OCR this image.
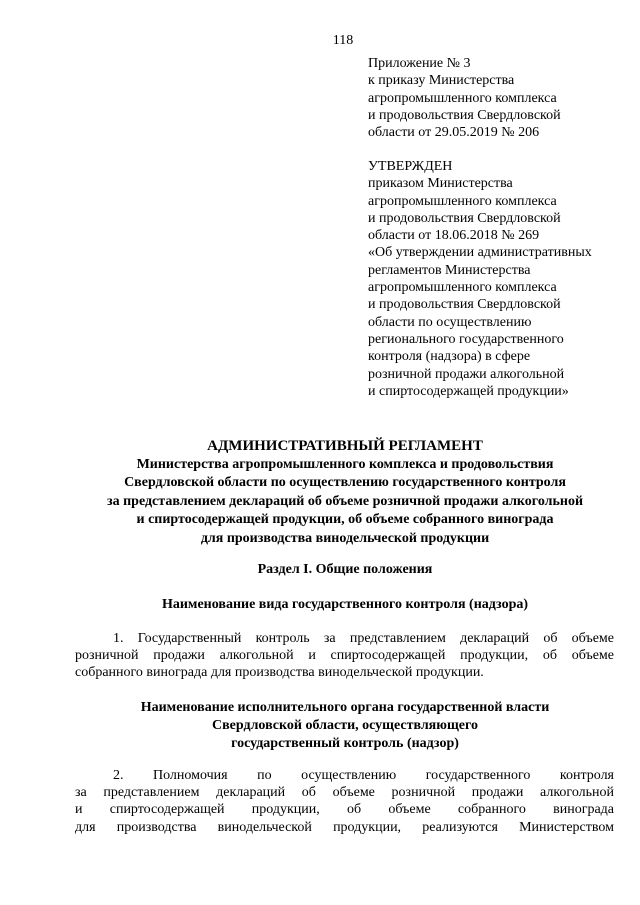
118
Приложение № 3
к приказу Министерства
агропромышленного комплекса
и продовольствия Свердловской
области от 29.05.2019 № 206
УТВЕРЖДЕН
приказом Министерства
агропромышленного комплекса
и продовольствия Свердловской
области от 18.06.2018 № 269
«Об утверждении административных
регламентов Министерства
агропромышленного комплекса
и продовольствия Свердловской
области по осуществлению
регионального государственного
контроля (надзора) в сфере
розничной продажи алкогольной
и спиртосодержащей продукции»
АДМИНИСТРАТИВНЫЙ РЕГЛАМЕНТ
Министерства агропромышленного комплекса и продовольствия
Свердловской области по осуществлению государственного контроля
за представлением деклараций об объеме розничной продажи алкогольной
и спиртосодержащей продукции, об объеме собранного винограда
для производства винодельческой продукции
Раздел I. Общие положения
Наименование вида государственного контроля (надзора)
1. Государственный контроль за представлением деклараций об объеме
розничной продажи алкогольной и спиртосодержащей продукции, об объеме
собранного винограда для производства винодельческой продукции.
Наименование исполнительного органа государственной власти
Свердловской области, осуществляющего
государственный контроль (надзор)
2. Полномочия по осуществлению государственного контроля
за представлением деклараций об объеме розничной продажи алкогольной
и спиртосодержащей продукции, об объеме собранного винограда
для производства винодельческой продукции, реализуются Министерством
